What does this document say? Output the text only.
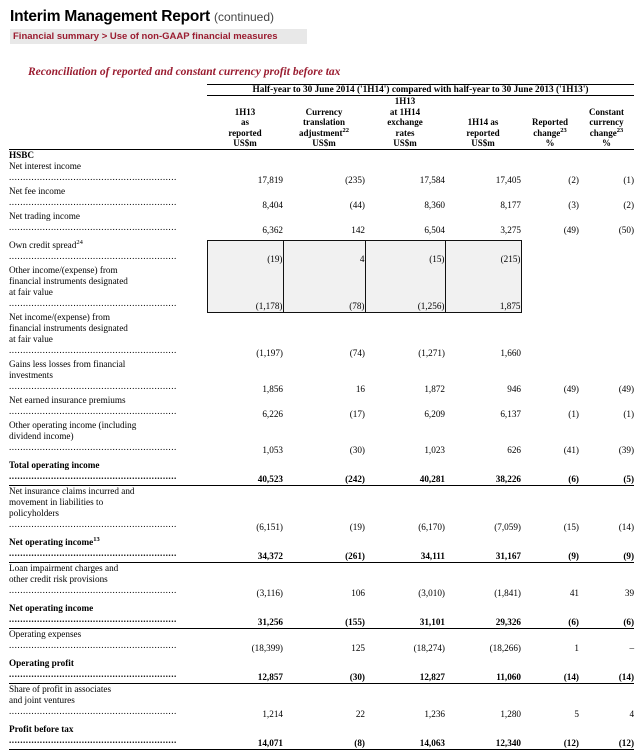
Interim Management Report (continued)
Financial summary > Use of non-GAAP financial measures
Reconciliation of reported and constant currency profit before tax
	Half-year to 30 June 2014 ('1H14') compared with half-year to 30 June 2013 ('1H13')					

1H13
as
reported
US$m

Currency
translation
adjustment$^{22}$
US$m

1H13
at 1H14
exchange
rates
US$m

1H14 as
reported
US$m

Reported
change$^{23}$
%

Constant
currency
change$^{23}$
%

HSBC						
Net interest income............................................................	17,819	(235)	17,584	17,405	(2)	(1)
Net fee income............................................................	8,404	(44)	8,360	8,177	(3)	(2)
Net trading income............................................................	6,362	142	6,504	3,275	(49)	(50)

Own credit spread$^{24}$............................................................	(19)	4	(15)	(215)		
Other income/(expense) from						
financial instruments designated						
at fair value............................................................	(1,178)	(78)	(1,256)	1,875		
Net income/(expense) from						
financial instruments designated						
at fair value............................................................	(1,197)	(74)	(1,271)	1,660		
Gains less losses from financial						
investments............................................................	1,856	16	1,872	946	(49)	(49)
Net earned insurance premiums............................................................	6,226	(17)	6,209	6,137	(1)	(1)
Other operating income (including						
dividend income)............................................................	1,053	(30)	1,023	626	(41)	(39)

Total operating income............................................................	40,523	(242)	40,281	38,226	(6)	(5)

Net insurance claims incurred and						
movement in liabilities to						
policyholders............................................................	(6,151)	(19)	(6,170)	(7,059)	(15)	(14)

Net operating income$^{13}$............................................................	34,372	(261)	34,111	31,167	(9)	(9)

Loan impairment charges and						
other credit risk provisions............................................................	(3,116)	106	(3,010)	(1,841)	41	39

Net operating income............................................................	31,256	(155)	31,101	29,326	(6)	(6)

Operating expenses............................................................	(18,399)	125	(18,274)	(18,266)	1	–

Operating profit............................................................	12,857	(30)	12,827	11,060	(14)	(14)

Share of profit in associates						
and joint ventures............................................................	1,214	22	1,236	1,280	5	4

Profit before tax............................................................	14,071	(8)	14,063	12,340	(12)	(12)
